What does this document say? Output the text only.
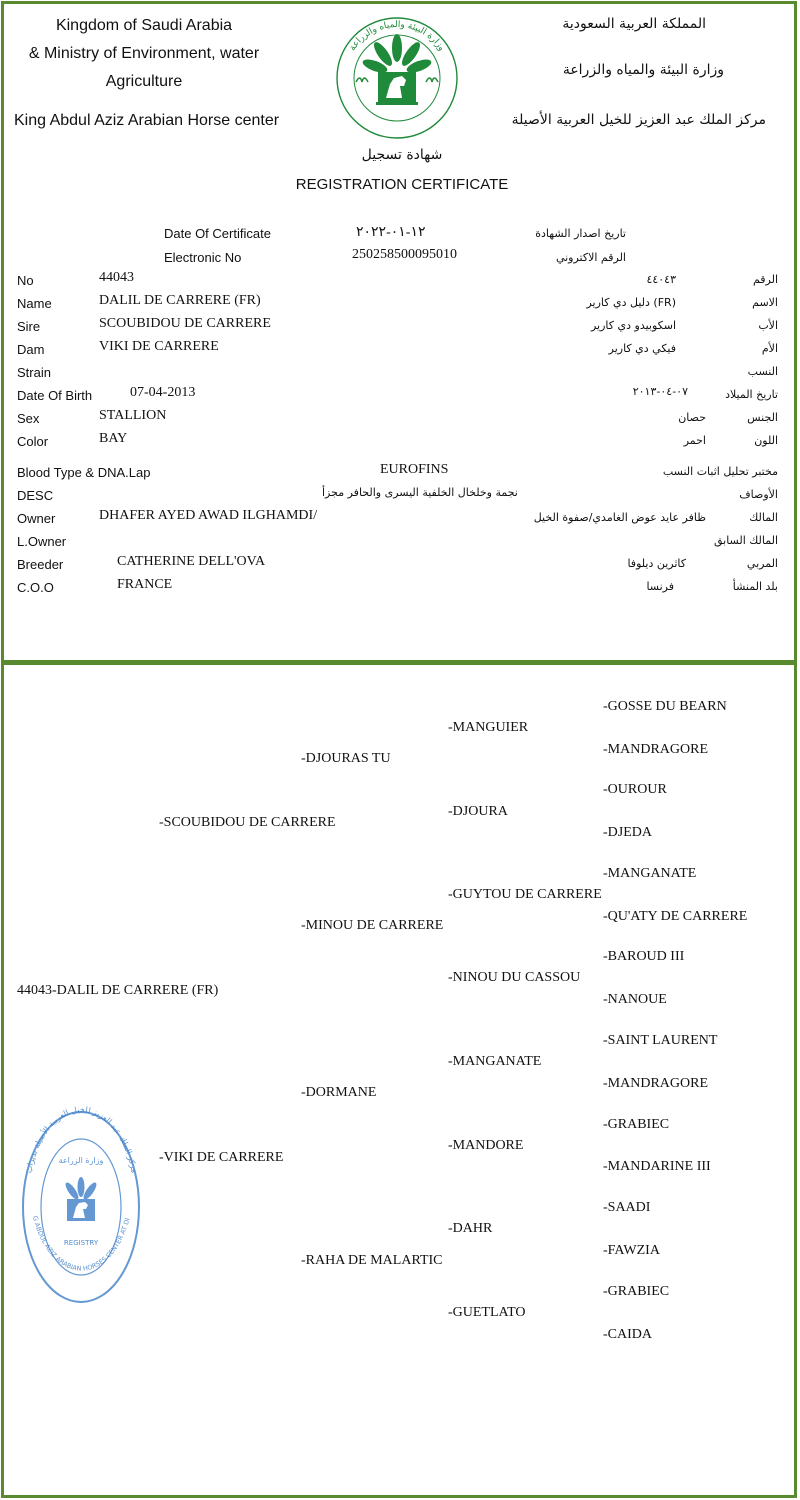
Kingdom of Saudi Arabia
& Ministry of Environment, water
Agriculture
King Abdul Aziz Arabian Horse center
المملكة العربية السعودية
وزارة البيئة والمياه والزراعة
مركز الملك عبد العزيز للخيل العربية الأصيلة
وزارة البيئة والمياه والزراعة
شهادة تسجيل
REGISTRATION CERTIFICATE
Date Of Certificate	١٢-٠١-٢٠٢٢	تاريخ اصدار الشهادة
Electronic No	250258500095010	الرقم الاكتروني
No	44043	٤٤٠٤٣	الرقم
Name	DALIL DE CARRERE (FR)	(FR) دليل دي كارير	الاسم
Sire	SCOUBIDOU DE CARRERE	اسكوبيدو دي كارير	الأب
Dam	VIKI DE CARRERE	فيكي دي كارير	الأم
Strain	النسب
Date Of Birth	07-04-2013	٠٧-٠٤-٢٠١٣	تاريخ الميلاد
Sex	STALLION	حصان	الجنس
Color	BAY	احمر	اللون
Blood Type & DNA.Lap	EUROFINS	مختبر تحليل اثبات النسب
DESC	نجمة وخلخال الخلفية اليسرى والحافر مجزأ	الأوصاف
Owner	DHAFER AYED AWAD ILGHAMDI/	ظافر عايد عوض الغامدي/صفوة الخيل	المالك
L.Owner	المالك السابق
Breeder	CATHERINE DELL'OVA	كاثرين ديلوفا	المربي
C.O.O	FRANCE	فرنسا	بلد المنشأ
44043-DALIL DE CARRERE (FR)
-SCOUBIDOU DE CARRERE
-VIKI DE CARRERE
-DJOURAS TU
-MINOU DE CARRERE
-DORMANE
-RAHA DE MALARTIC
-MANGUIER
-DJOURA
-GUYTOU DE CARRERE
-NINOU DU CASSOU
-MANGANATE
-MANDORE
-DAHR
-GUETLATO
-GOSSE DU BEARN
-MANDRAGORE
-OUROUR
-DJEDA
-MANGANATE
-QU'ATY DE CARRERE
-BAROUD III
-NANOUE
-SAINT LAURENT
-MANDRAGORE
-GRABIEC
-MANDARINE III
-SAADI
-FAWZIA
-GRABIEC
-CAIDA
مركز الملك عبد العزيز للخيل العربية الأصيلة بديراب
G ABDUL AZIZ ARABIAN HORSES CENTER AT DI
وزارة الزراعة
REGISTRY
